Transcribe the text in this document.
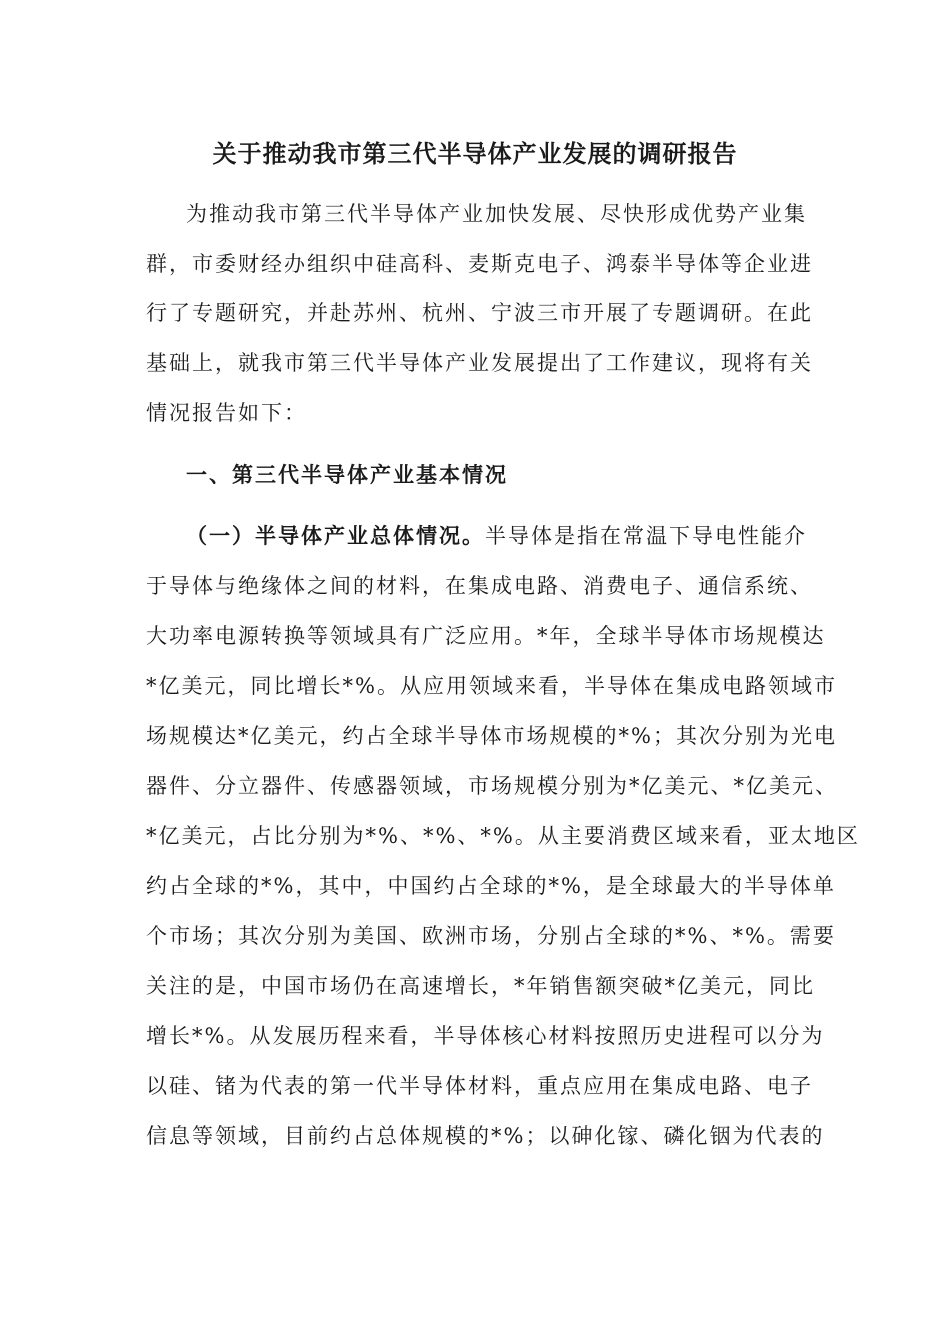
关于推动我市第三代半导体产业发展的调研报告
为推动我市第三代半导体产业加快发展、尽快形成优势产业集
群，市委财经办组织中硅高科、麦斯克电子、鸿泰半导体等企业进
行了专题研究，并赴苏州、杭州、宁波三市开展了专题调研。在此
基础上，就我市第三代半导体产业发展提出了工作建议，现将有关
情况报告如下：
一、第三代半导体产业基本情况
（一）半导体产业总体情况。半导体是指在常温下导电性能介
于导体与绝缘体之间的材料，在集成电路、消费电子、通信系统、
大功率电源转换等领域具有广泛应用。*年，全球半导体市场规模达
*亿美元，同比增长*%。从应用领域来看，半导体在集成电路领域市
场规模达*亿美元，约占全球半导体市场规模的*%；其次分别为光电
器件、分立器件、传感器领域，市场规模分别为*亿美元、*亿美元、
*亿美元，占比分别为*%、*%、*%。从主要消费区域来看，亚太地区
约占全球的*%，其中，中国约占全球的*%，是全球最大的半导体单
个市场；其次分别为美国、欧洲市场，分别占全球的*%、*%。需要
关注的是，中国市场仍在高速增长，*年销售额突破*亿美元，同比
增长*%。从发展历程来看，半导体核心材料按照历史进程可以分为
以硅、锗为代表的第一代半导体材料，重点应用在集成电路、电子
信息等领域，目前约占总体规模的*%；以砷化镓、磷化铟为代表的
